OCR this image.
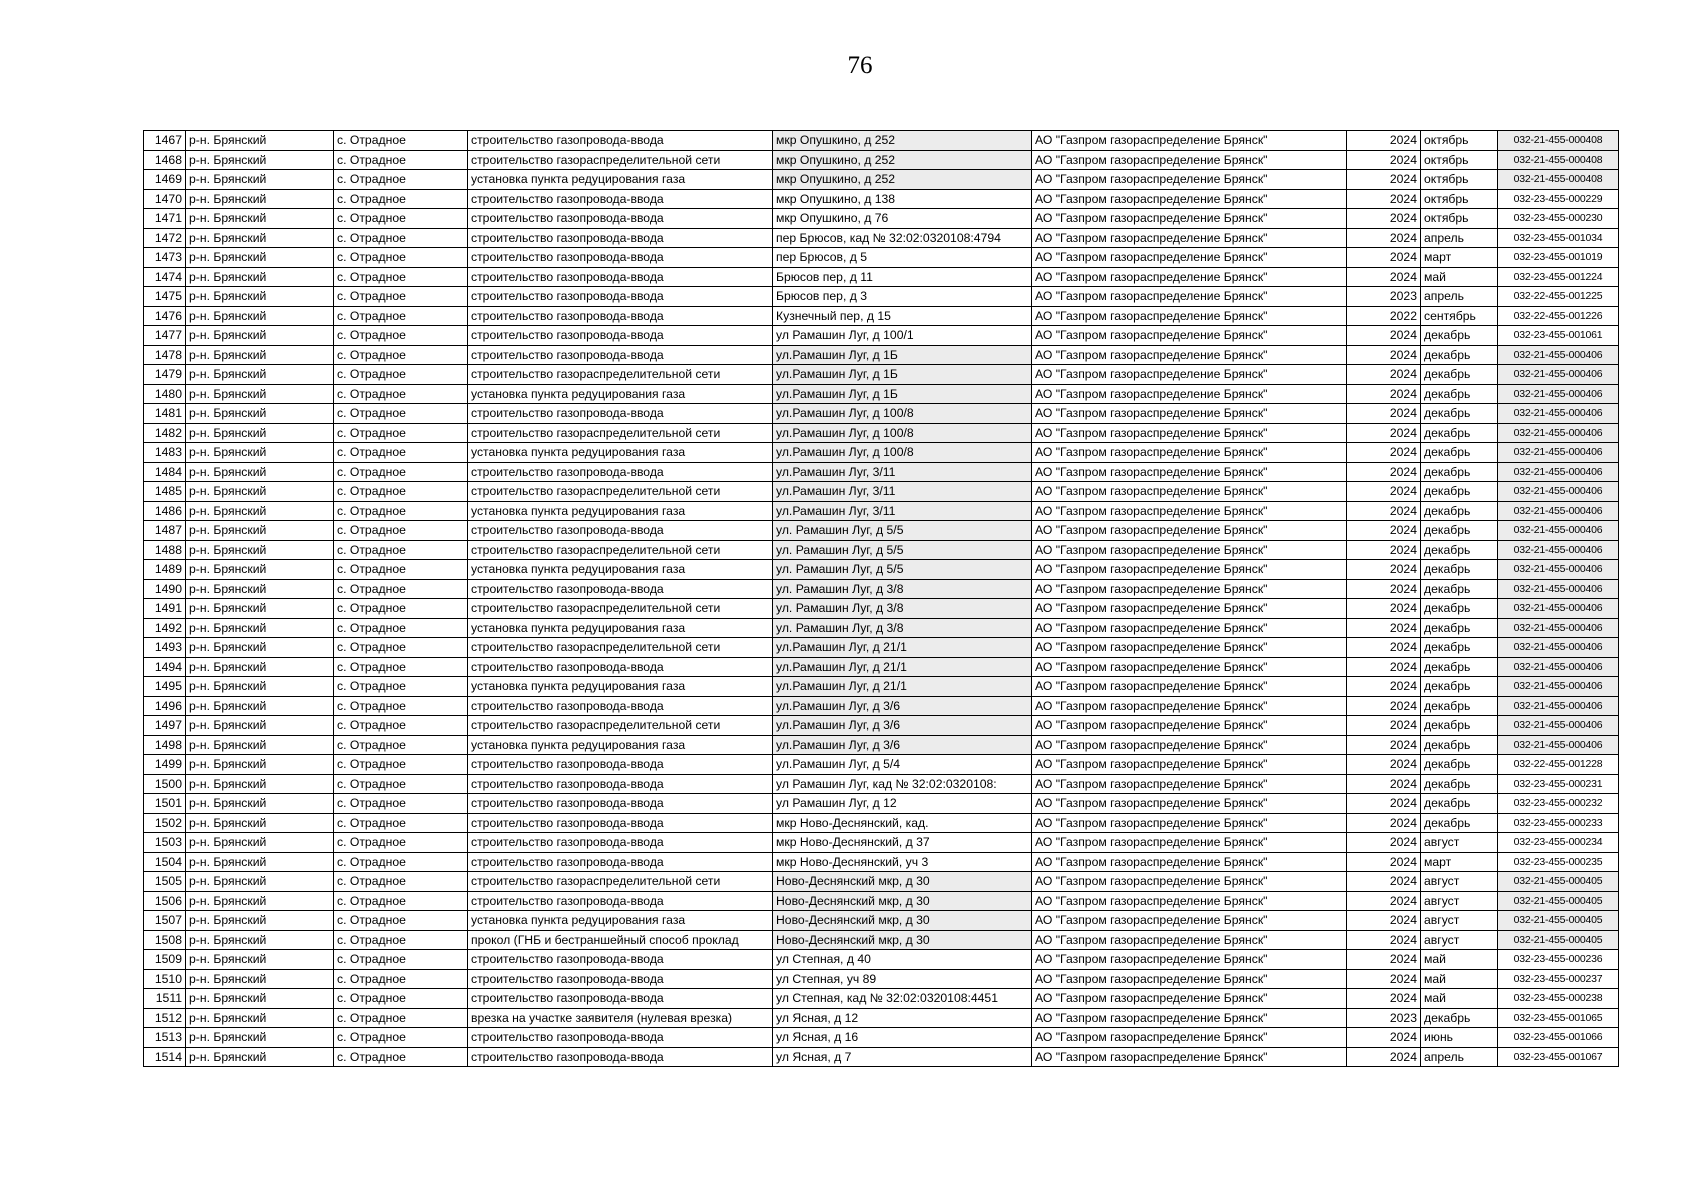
76
1467	р-н. Брянский	с. Отрадное	строительство газопровода-ввода	мкр Опушкино, д 252	АО "Газпром газораспределение Брянск"	2024	октябрь	032-21-455-000408
1468	р-н. Брянский	с. Отрадное	строительство газораспределительной сети	мкр Опушкино, д 252	АО "Газпром газораспределение Брянск"	2024	октябрь	032-21-455-000408
1469	р-н. Брянский	с. Отрадное	установка пункта редуцирования газа	мкр Опушкино, д 252	АО "Газпром газораспределение Брянск"	2024	октябрь	032-21-455-000408
1470	р-н. Брянский	с. Отрадное	строительство газопровода-ввода	мкр Опушкино, д 138	АО "Газпром газораспределение Брянск"	2024	октябрь	032-23-455-000229
1471	р-н. Брянский	с. Отрадное	строительство газопровода-ввода	мкр Опушкино, д 76	АО "Газпром газораспределение Брянск"	2024	октябрь	032-23-455-000230
1472	р-н. Брянский	с. Отрадное	строительство газопровода-ввода	пер Брюсов, кад № 32:02:0320108:4794	АО "Газпром газораспределение Брянск"	2024	апрель	032-23-455-001034
1473	р-н. Брянский	с. Отрадное	строительство газопровода-ввода	пер Брюсов, д 5	АО "Газпром газораспределение Брянск"	2024	март	032-23-455-001019
1474	р-н. Брянский	с. Отрадное	строительство газопровода-ввода	Брюсов пер, д 11	АО "Газпром газораспределение Брянск"	2024	май	032-23-455-001224
1475	р-н. Брянский	с. Отрадное	строительство газопровода-ввода	Брюсов пер, д 3	АО "Газпром газораспределение Брянск"	2023	апрель	032-22-455-001225
1476	р-н. Брянский	с. Отрадное	строительство газопровода-ввода	Кузнечный пер, д 15	АО "Газпром газораспределение Брянск"	2022	сентябрь	032-22-455-001226
1477	р-н. Брянский	с. Отрадное	строительство газопровода-ввода	ул Рамашин Луг, д 100/1	АО "Газпром газораспределение Брянск"	2024	декабрь	032-23-455-001061
1478	р-н. Брянский	с. Отрадное	строительство газопровода-ввода	ул.Рамашин Луг, д 1Б	АО "Газпром газораспределение Брянск"	2024	декабрь	032-21-455-000406
1479	р-н. Брянский	с. Отрадное	строительство газораспределительной сети	ул.Рамашин Луг, д 1Б	АО "Газпром газораспределение Брянск"	2024	декабрь	032-21-455-000406
1480	р-н. Брянский	с. Отрадное	установка пункта редуцирования газа	ул.Рамашин Луг, д 1Б	АО "Газпром газораспределение Брянск"	2024	декабрь	032-21-455-000406
1481	р-н. Брянский	с. Отрадное	строительство газопровода-ввода	ул.Рамашин Луг, д 100/8	АО "Газпром газораспределение Брянск"	2024	декабрь	032-21-455-000406
1482	р-н. Брянский	с. Отрадное	строительство газораспределительной сети	ул.Рамашин Луг, д 100/8	АО "Газпром газораспределение Брянск"	2024	декабрь	032-21-455-000406
1483	р-н. Брянский	с. Отрадное	установка пункта редуцирования газа	ул.Рамашин Луг, д 100/8	АО "Газпром газораспределение Брянск"	2024	декабрь	032-21-455-000406
1484	р-н. Брянский	с. Отрадное	строительство газопровода-ввода	ул.Рамашин Луг, 3/11	АО "Газпром газораспределение Брянск"	2024	декабрь	032-21-455-000406
1485	р-н. Брянский	с. Отрадное	строительство газораспределительной сети	ул.Рамашин Луг, 3/11	АО "Газпром газораспределение Брянск"	2024	декабрь	032-21-455-000406
1486	р-н. Брянский	с. Отрадное	установка пункта редуцирования газа	ул.Рамашин Луг, 3/11	АО "Газпром газораспределение Брянск"	2024	декабрь	032-21-455-000406
1487	р-н. Брянский	с. Отрадное	строительство газопровода-ввода	ул. Рамашин Луг, д 5/5	АО "Газпром газораспределение Брянск"	2024	декабрь	032-21-455-000406
1488	р-н. Брянский	с. Отрадное	строительство газораспределительной сети	ул. Рамашин Луг, д 5/5	АО "Газпром газораспределение Брянск"	2024	декабрь	032-21-455-000406
1489	р-н. Брянский	с. Отрадное	установка пункта редуцирования газа	ул. Рамашин Луг, д 5/5	АО "Газпром газораспределение Брянск"	2024	декабрь	032-21-455-000406
1490	р-н. Брянский	с. Отрадное	строительство газопровода-ввода	ул. Рамашин Луг, д 3/8	АО "Газпром газораспределение Брянск"	2024	декабрь	032-21-455-000406
1491	р-н. Брянский	с. Отрадное	строительство газораспределительной сети	ул. Рамашин Луг, д 3/8	АО "Газпром газораспределение Брянск"	2024	декабрь	032-21-455-000406
1492	р-н. Брянский	с. Отрадное	установка пункта редуцирования газа	ул. Рамашин Луг, д 3/8	АО "Газпром газораспределение Брянск"	2024	декабрь	032-21-455-000406
1493	р-н. Брянский	с. Отрадное	строительство газораспределительной сети	ул.Рамашин Луг, д 21/1	АО "Газпром газораспределение Брянск"	2024	декабрь	032-21-455-000406
1494	р-н. Брянский	с. Отрадное	строительство газопровода-ввода	ул.Рамашин Луг, д 21/1	АО "Газпром газораспределение Брянск"	2024	декабрь	032-21-455-000406
1495	р-н. Брянский	с. Отрадное	установка пункта редуцирования газа	ул.Рамашин Луг, д 21/1	АО "Газпром газораспределение Брянск"	2024	декабрь	032-21-455-000406
1496	р-н. Брянский	с. Отрадное	строительство газопровода-ввода	ул.Рамашин Луг, д 3/6	АО "Газпром газораспределение Брянск"	2024	декабрь	032-21-455-000406
1497	р-н. Брянский	с. Отрадное	строительство газораспределительной сети	ул.Рамашин Луг, д 3/6	АО "Газпром газораспределение Брянск"	2024	декабрь	032-21-455-000406
1498	р-н. Брянский	с. Отрадное	установка пункта редуцирования газа	ул.Рамашин Луг, д 3/6	АО "Газпром газораспределение Брянск"	2024	декабрь	032-21-455-000406
1499	р-н. Брянский	с. Отрадное	строительство газопровода-ввода	ул.Рамашин Луг, д 5/4	АО "Газпром газораспределение Брянск"	2024	декабрь	032-22-455-001228
1500	р-н. Брянский	с. Отрадное	строительство газопровода-ввода	ул Рамашин Луг, кад № 32:02:0320108:	АО "Газпром газораспределение Брянск"	2024	декабрь	032-23-455-000231
1501	р-н. Брянский	с. Отрадное	строительство газопровода-ввода	ул Рамашин Луг, д 12	АО "Газпром газораспределение Брянск"	2024	декабрь	032-23-455-000232
1502	р-н. Брянский	с. Отрадное	строительство газопровода-ввода	мкр Ново-Деснянский, кад.	АО "Газпром газораспределение Брянск"	2024	декабрь	032-23-455-000233
1503	р-н. Брянский	с. Отрадное	строительство газопровода-ввода	мкр Ново-Деснянский, д 37	АО "Газпром газораспределение Брянск"	2024	август	032-23-455-000234
1504	р-н. Брянский	с. Отрадное	строительство газопровода-ввода	мкр Ново-Деснянский, уч 3	АО "Газпром газораспределение Брянск"	2024	март	032-23-455-000235
1505	р-н. Брянский	с. Отрадное	строительство газораспределительной сети	Ново-Деснянский мкр, д 30	АО "Газпром газораспределение Брянск"	2024	август	032-21-455-000405
1506	р-н. Брянский	с. Отрадное	строительство газопровода-ввода	Ново-Деснянский мкр, д 30	АО "Газпром газораспределение Брянск"	2024	август	032-21-455-000405
1507	р-н. Брянский	с. Отрадное	установка пункта редуцирования газа	Ново-Деснянский мкр, д 30	АО "Газпром газораспределение Брянск"	2024	август	032-21-455-000405
1508	р-н. Брянский	с. Отрадное	прокол (ГНБ и бестраншейный способ проклад	Ново-Деснянский мкр, д 30	АО "Газпром газораспределение Брянск"	2024	август	032-21-455-000405
1509	р-н. Брянский	с. Отрадное	строительство газопровода-ввода	ул Степная, д 40	АО "Газпром газораспределение Брянск"	2024	май	032-23-455-000236
1510	р-н. Брянский	с. Отрадное	строительство газопровода-ввода	ул Степная, уч 89	АО "Газпром газораспределение Брянск"	2024	май	032-23-455-000237
1511	р-н. Брянский	с. Отрадное	строительство газопровода-ввода	ул Степная, кад № 32:02:0320108:4451	АО "Газпром газораспределение Брянск"	2024	май	032-23-455-000238
1512	р-н. Брянский	с. Отрадное	врезка на участке заявителя (нулевая врезка)	ул Ясная, д 12	АО "Газпром газораспределение Брянск"	2023	декабрь	032-23-455-001065
1513	р-н. Брянский	с. Отрадное	строительство газопровода-ввода	ул Ясная, д 16	АО "Газпром газораспределение Брянск"	2024	июнь	032-23-455-001066
1514	р-н. Брянский	с. Отрадное	строительство газопровода-ввода	ул Ясная, д 7	АО "Газпром газораспределение Брянск"	2024	апрель	032-23-455-001067
